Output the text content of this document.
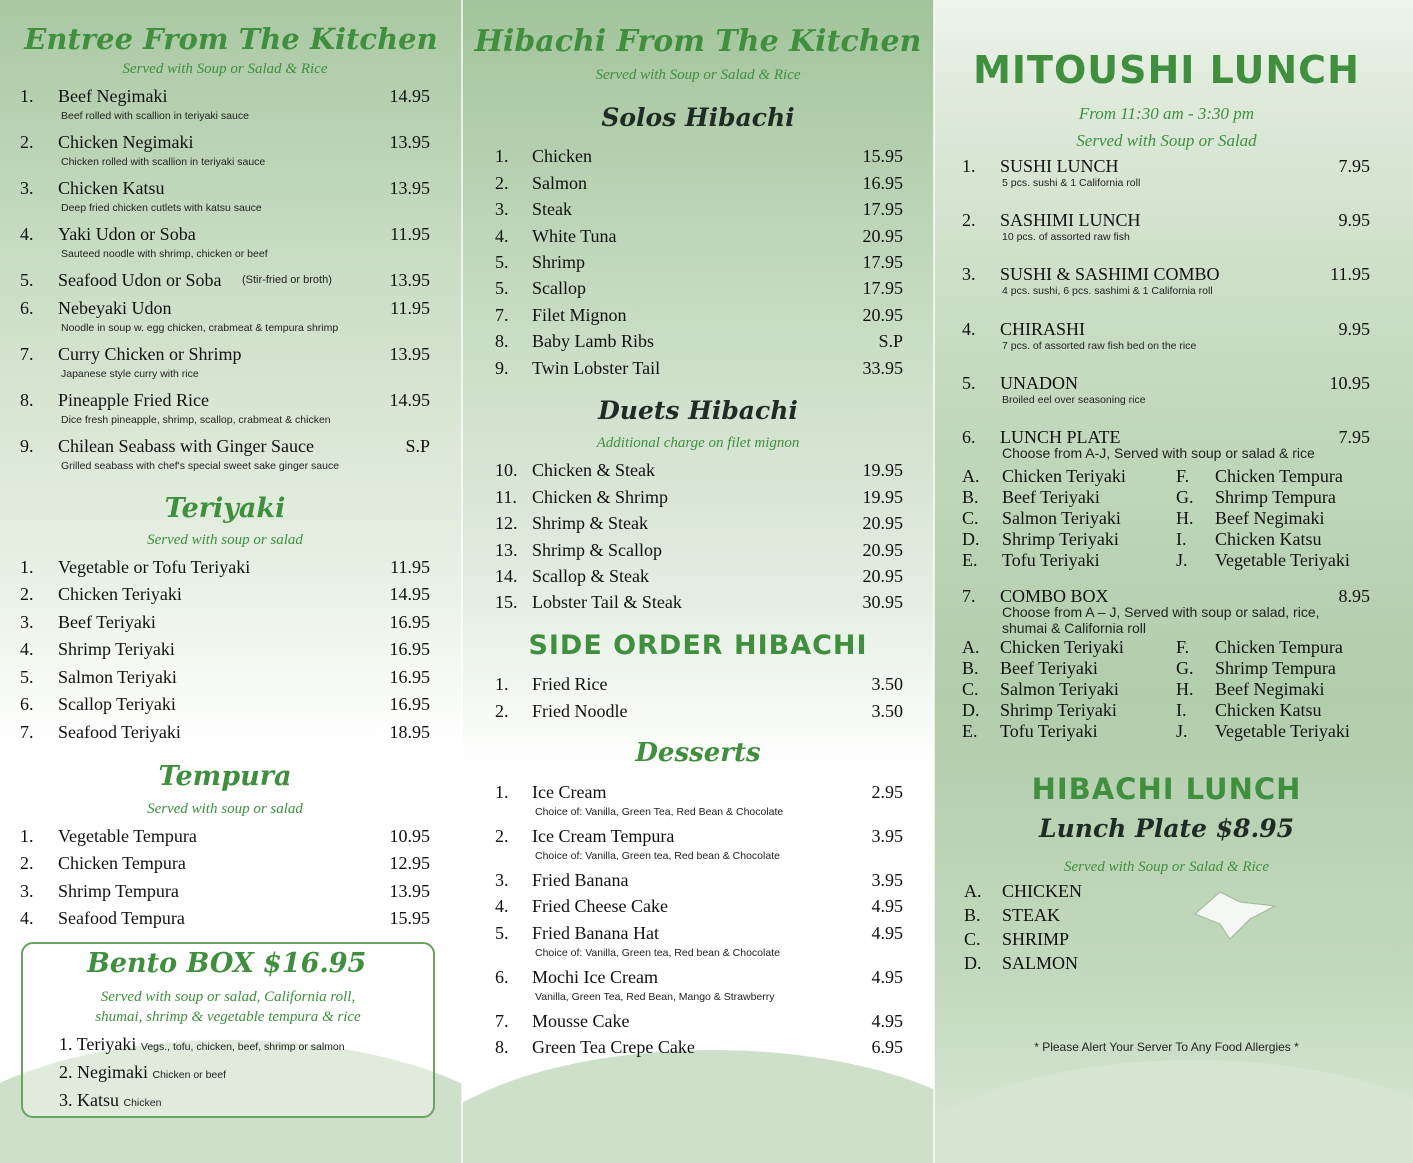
Entree From The Kitchen
Served with Soup or Salad & Rice
1. Beef Negimaki	14.95
Beef rolled with scallion in teriyaki sauce
2. Chicken Negimaki	13.95
Chicken rolled with scallion in teriyaki sauce
3. Chicken Katsu	13.95
Deep fried chicken cutlets with katsu sauce
4. Yaki Udon or Soba	11.95
Sauteed noodle with shrimp, chicken or beef
5. Seafood Udon or Soba (Stir-fried or broth)	13.95
6. Nebeyaki Udon	11.95
Noodle in soup w. egg chicken, crabmeat & tempura shrimp
7. Curry Chicken or Shrimp	13.95
Japanese style curry with rice
8. Pineapple Fried Rice	14.95
Dice fresh pineapple, shrimp, scallop, crabmeat & chicken
9. Chilean Seabass with Ginger Sauce	S.P
Grilled seabass with chef's special sweet sake ginger sauce
Teriyaki
Served with soup or salad
1. Vegetable or Tofu Teriyaki	11.95
2. Chicken Teriyaki	14.95
3. Beef Teriyaki	16.95
4. Shrimp Teriyaki	16.95
5. Salmon Teriyaki	16.95
6. Scallop Teriyaki	16.95
7. Seafood Teriyaki	18.95
Tempura
Served with soup or salad
1. Vegetable Tempura	10.95
2. Chicken Tempura	12.95
3. Shrimp Tempura	13.95
4. Seafood Tempura	15.95
Bento BOX $16.95
Served with soup or salad, California roll,
shumai, shrimp & vegetable tempura & rice
1. Teriyaki Vegs., tofu, chicken, beef, shrimp or salmon
2. Negimaki Chicken or beef
3. Katsu Chicken
Hibachi From The Kitchen
Served with Soup or Salad & Rice
Solos Hibachi
1. Chicken	15.95
2. Salmon	16.95
3. Steak	17.95
4. White Tuna	20.95
5. Shrimp	17.95
5. Scallop	17.95
7. Filet Mignon	20.95
8. Baby Lamb Ribs	S.P
9. Twin Lobster Tail	33.95
Duets Hibachi
Additional charge on filet mignon
10. Chicken & Steak	19.95
11. Chicken & Shrimp	19.95
12. Shrimp & Steak	20.95
13. Shrimp & Scallop	20.95
14. Scallop & Steak	20.95
15. Lobster Tail & Steak	30.95
SIDE ORDER HIBACHI
1. Fried Rice	3.50
2. Fried Noodle	3.50
Desserts
1. Ice Cream	2.95
Choice of: Vanilla, Green Tea, Red Bean & Chocolate
2. Ice Cream Tempura	3.95
Choice of: Vanilla, Green tea, Red bean & Chocolate
3. Fried Banana	3.95
4. Fried Cheese Cake	4.95
5. Fried Banana Hat	4.95
Choice of: Vanilla, Green tea, Red bean & Chocolate
6. Mochi Ice Cream	4.95
Vanilla, Green Tea, Red Bean, Mango & Strawberry
7. Mousse Cake	4.95
8. Green Tea Crepe Cake	6.95
MITOUSHI LUNCH
From 11:30 am - 3:30 pm
Served with Soup or Salad
1. SUSHI LUNCH	7.95
5 pcs. sushi & 1 California roll
2. SASHIMI LUNCH	9.95
10 pcs. of assorted raw fish
3. SUSHI & SASHIMI COMBO	11.95
4 pcs. sushi, 6 pcs. sashimi & 1 California roll
4. CHIRASHI	9.95
7 pcs. of assorted raw fish bed on the rice
5. UNADON	10.95
Broiled eel over seasoning rice
6. LUNCH PLATE	7.95
Choose from A-J, Served with soup or salad & rice
A. Chicken Teriyaki	F. Chicken Tempura
B. Beef Teriyaki	G. Shrimp Tempura
C. Salmon Teriyaki	H. Beef Negimaki
D. Shrimp Teriyaki	I. Chicken Katsu
E. Tofu Teriyaki	J. Vegetable Teriyaki
7. COMBO BOX	8.95
Choose from A – J, Served with soup or salad, rice,
shumai & California roll
A. Chicken Teriyaki	F. Chicken Tempura
B. Beef Teriyaki	G. Shrimp Tempura
C. Salmon Teriyaki	H. Beef Negimaki
D. Shrimp Teriyaki	I. Chicken Katsu
E. Tofu Teriyaki	J. Vegetable Teriyaki
HIBACHI LUNCH
Lunch Plate $8.95
Served with Soup or Salad & Rice
A. CHICKEN
B. STEAK
C. SHRIMP
D. SALMON
* Please Alert Your Server To Any Food Allergies *
